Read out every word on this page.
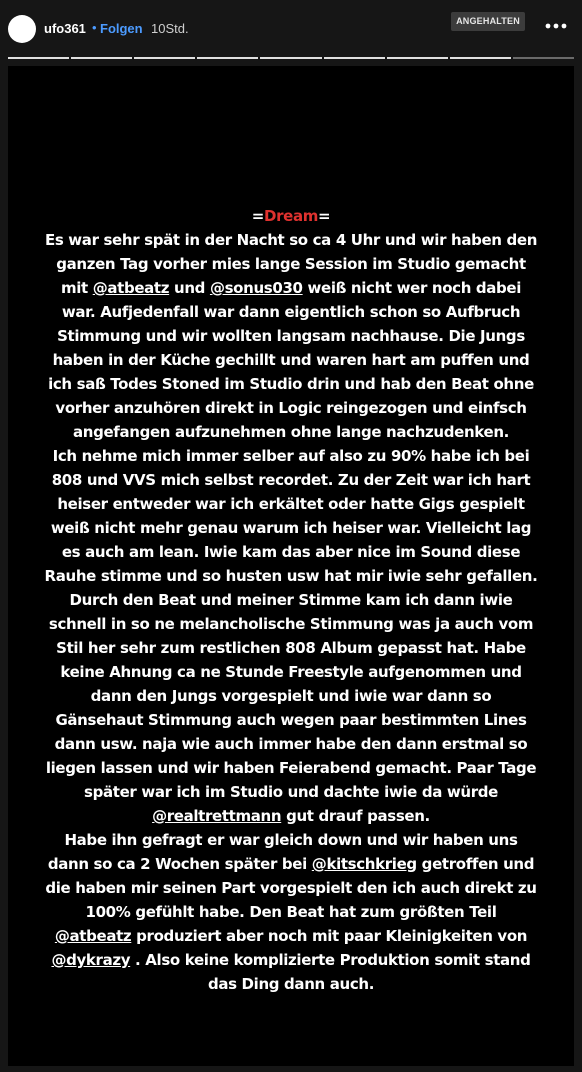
ufo361 • Folgen 10Std.	ANGEHALTEN
=Dream=
Es war sehr spät in der Nacht so ca 4 Uhr und wir haben den
ganzen Tag vorher mies lange Session im Studio gemacht
mit @atbeatz und @sonus030 weiß nicht wer noch dabei
war. Aufjedenfall war dann eigentlich schon so Aufbruch
Stimmung und wir wollten langsam nachhause. Die Jungs
haben in der Küche gechillt und waren hart am puffen und
ich saß Todes Stoned im Studio drin und hab den Beat ohne
vorher anzuhören direkt in Logic reingezogen und einfsch
angefangen aufzunehmen ohne lange nachzudenken.
Ich nehme mich immer selber auf also zu 90% habe ich bei
808 und VVS mich selbst recordet. Zu der Zeit war ich hart
heiser entweder war ich erkältet oder hatte Gigs gespielt
weiß nicht mehr genau warum ich heiser war. Vielleicht lag
es auch am lean. Iwie kam das aber nice im Sound diese
Rauhe stimme und so husten usw hat mir iwie sehr gefallen.
Durch den Beat und meiner Stimme kam ich dann iwie
schnell in so ne melancholische Stimmung was ja auch vom
Stil her sehr zum restlichen 808 Album gepasst hat. Habe
keine Ahnung ca ne Stunde Freestyle aufgenommen und
dann den Jungs vorgespielt und iwie war dann so
Gänsehaut Stimmung auch wegen paar bestimmten Lines
dann usw. naja wie auch immer habe den dann erstmal so
liegen lassen und wir haben Feierabend gemacht. Paar Tage
später war ich im Studio und dachte iwie da würde
@realtrettmann gut drauf passen.
Habe ihn gefragt er war gleich down und wir haben uns
dann so ca 2 Wochen später bei @kitschkrieg getroffen und
die haben mir seinen Part vorgespielt den ich auch direkt zu
100% gefühlt habe. Den Beat hat zum größten Teil
@atbeatz produziert aber noch mit paar Kleinigkeiten von
@dykrazy . Also keine komplizierte Produktion somit stand
das Ding dann auch.
